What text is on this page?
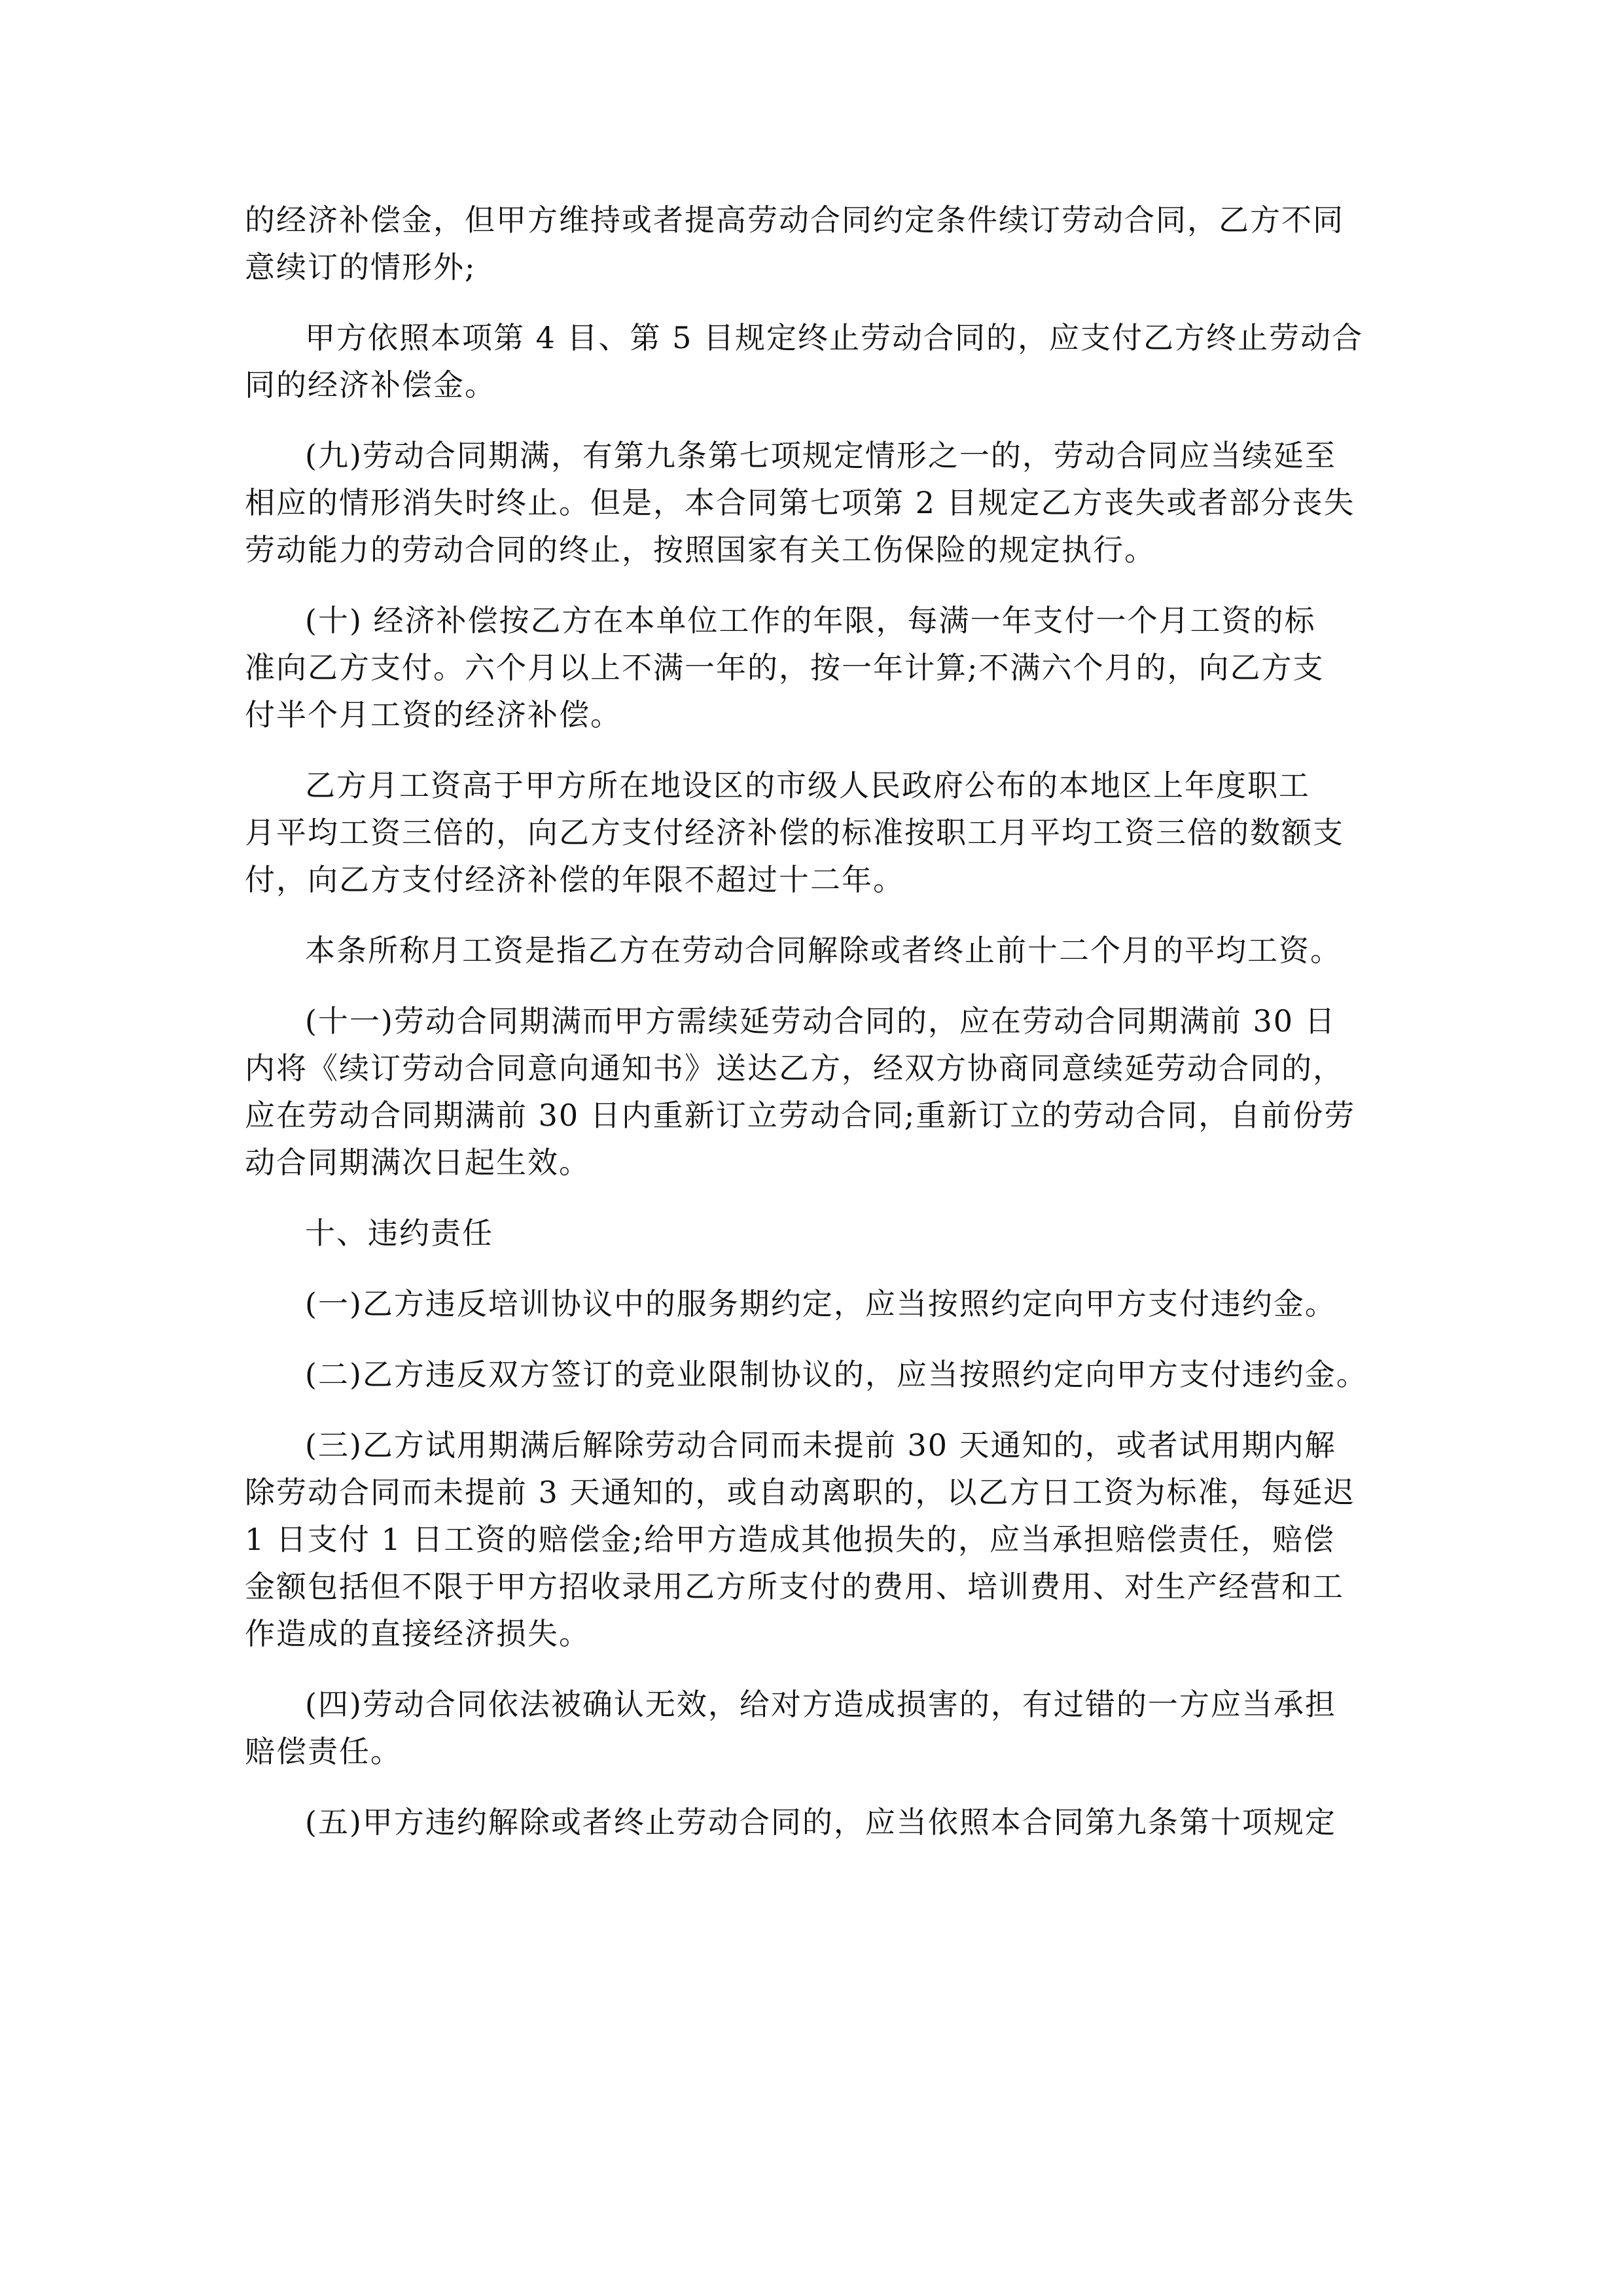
的经济补偿金，但甲方维持或者提高劳动合同约定条件续订劳动合同，乙方不同
意续订的情形外;

甲方依照本项第 4 目、第 5 目规定终止劳动合同的，应支付乙方终止劳动合
同的经济补偿金。

(九)劳动合同期满，有第九条第七项规定情形之一的，劳动合同应当续延至
相应的情形消失时终止。但是，本合同第七项第 2 目规定乙方丧失或者部分丧失
劳动能力的劳动合同的终止，按照国家有关工伤保险的规定执行。

(十) 经济补偿按乙方在本单位工作的年限，每满一年支付一个月工资的标
准向乙方支付。六个月以上不满一年的，按一年计算;不满六个月的，向乙方支
付半个月工资的经济补偿。

乙方月工资高于甲方所在地设区的市级人民政府公布的本地区上年度职工
月平均工资三倍的，向乙方支付经济补偿的标准按职工月平均工资三倍的数额支
付，向乙方支付经济补偿的年限不超过十二年。

本条所称月工资是指乙方在劳动合同解除或者终止前十二个月的平均工资。

(十一)劳动合同期满而甲方需续延劳动合同的，应在劳动合同期满前 30 日
内将《续订劳动合同意向通知书》送达乙方，经双方协商同意续延劳动合同的，
应在劳动合同期满前 30 日内重新订立劳动合同;重新订立的劳动合同，自前份劳
动合同期满次日起生效。

十、违约责任

(一)乙方违反培训协议中的服务期约定，应当按照约定向甲方支付违约金。

(二)乙方违反双方签订的竞业限制协议的，应当按照约定向甲方支付违约金。

(三)乙方试用期满后解除劳动合同而未提前 30 天通知的，或者试用期内解
除劳动合同而未提前 3 天通知的，或自动离职的，以乙方日工资为标准，每延迟
1 日支付 1 日工资的赔偿金;给甲方造成其他损失的，应当承担赔偿责任，赔偿
金额包括但不限于甲方招收录用乙方所支付的费用、培训费用、对生产经营和工
作造成的直接经济损失。

(四)劳动合同依法被确认无效，给对方造成损害的，有过错的一方应当承担
赔偿责任。

(五)甲方违约解除或者终止劳动合同的，应当依照本合同第九条第十项规定
